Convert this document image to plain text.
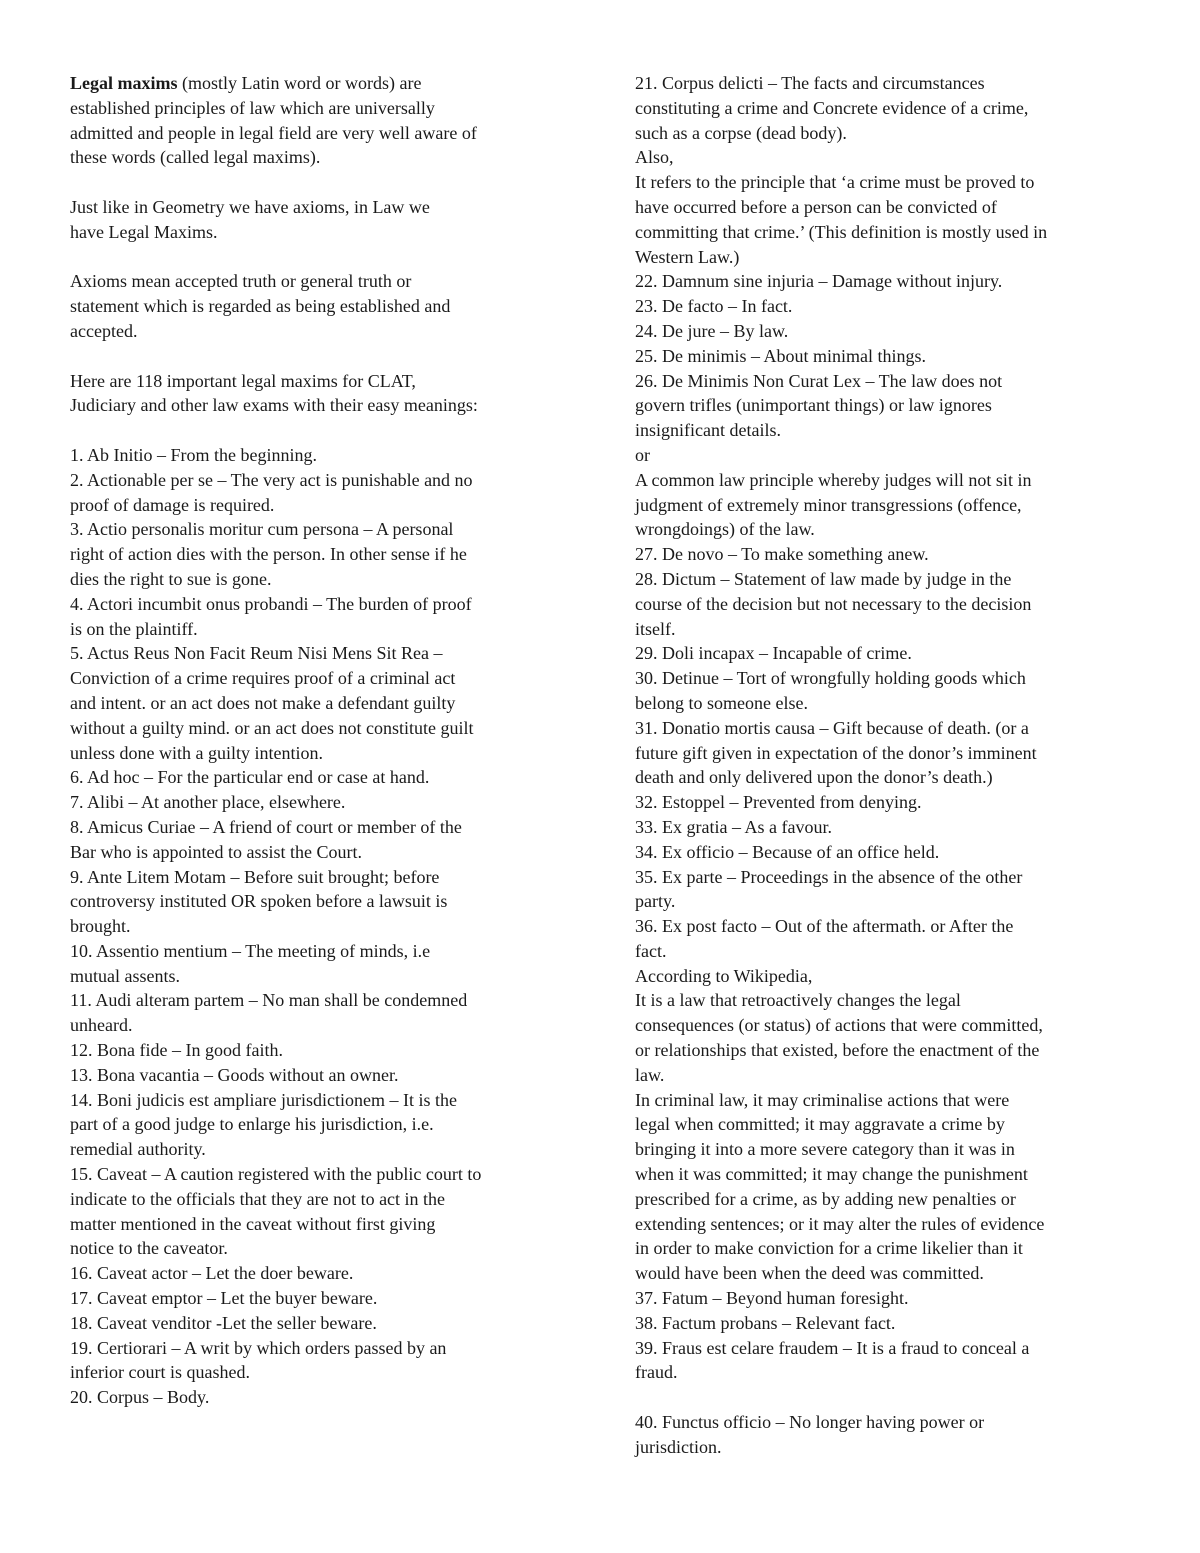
Legal maxims (mostly Latin word or words) are
established principles of law which are universally
admitted and people in legal field are very well aware of
these words (called legal maxims).
Just like in Geometry we have axioms, in Law we
have Legal Maxims.
Axioms mean accepted truth or general truth or
statement which is regarded as being established and
accepted.
Here are 118 important legal maxims for CLAT,
Judiciary and other law exams with their easy meanings:
1. Ab Initio – From the beginning.
2. Actionable per se – The very act is punishable and no
proof of damage is required.
3. Actio personalis moritur cum persona – A personal
right of action dies with the person. In other sense if he
dies the right to sue is gone.
4. Actori incumbit onus probandi – The burden of proof
is on the plaintiff.
5. Actus Reus Non Facit Reum Nisi Mens Sit Rea –
Conviction of a crime requires proof of a criminal act
and intent. or an act does not make a defendant guilty
without a guilty mind. or an act does not constitute guilt
unless done with a guilty intention.
6. Ad hoc – For the particular end or case at hand.
7. Alibi – At another place, elsewhere.
8. Amicus Curiae – A friend of court or member of the
Bar who is appointed to assist the Court.
9. Ante Litem Motam – Before suit brought; before
controversy instituted OR spoken before a lawsuit is
brought.
10. Assentio mentium – The meeting of minds, i.e
mutual assents.
11. Audi alteram partem – No man shall be condemned
unheard.
12. Bona fide – In good faith.
13. Bona vacantia – Goods without an owner.
14. Boni judicis est ampliare jurisdictionem – It is the
part of a good judge to enlarge his jurisdiction, i.e.
remedial authority.
15. Caveat – A caution registered with the public court to
indicate to the officials that they are not to act in the
matter mentioned in the caveat without first giving
notice to the caveator.
16. Caveat actor – Let the doer beware.
17. Caveat emptor – Let the buyer beware.
18. Caveat venditor -Let the seller beware.
19. Certiorari – A writ by which orders passed by an
inferior court is quashed.
20. Corpus – Body.
21. Corpus delicti – The facts and circumstances
constituting a crime and Concrete evidence of a crime,
such as a corpse (dead body).
Also,
It refers to the principle that ‘a crime must be proved to
have occurred before a person can be convicted of
committing that crime.’ (This definition is mostly used in
Western Law.)
22. Damnum sine injuria – Damage without injury.
23. De facto – In fact.
24. De jure – By law.
25. De minimis – About minimal things.
26. De Minimis Non Curat Lex – The law does not
govern trifles (unimportant things) or law ignores
insignificant details.
or
A common law principle whereby judges will not sit in
judgment of extremely minor transgressions (offence,
wrongdoings) of the law.
27. De novo – To make something anew.
28. Dictum – Statement of law made by judge in the
course of the decision but not necessary to the decision
itself.
29. Doli incapax – Incapable of crime.
30. Detinue – Tort of wrongfully holding goods which
belong to someone else.
31. Donatio mortis causa – Gift because of death. (or a
future gift given in expectation of the donor’s imminent
death and only delivered upon the donor’s death.)
32. Estoppel – Prevented from denying.
33. Ex gratia – As a favour.
34. Ex officio – Because of an office held.
35. Ex parte – Proceedings in the absence of the other
party.
36. Ex post facto – Out of the aftermath. or After the
fact.
According to Wikipedia,
It is a law that retroactively changes the legal
consequences (or status) of actions that were committed,
or relationships that existed, before the enactment of the
law.
In criminal law, it may criminalise actions that were
legal when committed; it may aggravate a crime by
bringing it into a more severe category than it was in
when it was committed; it may change the punishment
prescribed for a crime, as by adding new penalties or
extending sentences; or it may alter the rules of evidence
in order to make conviction for a crime likelier than it
would have been when the deed was committed.
37. Fatum – Beyond human foresight.
38. Factum probans – Relevant fact.
39. Fraus est celare fraudem – It is a fraud to conceal a
fraud.
40. Functus officio – No longer having power or
jurisdiction.
